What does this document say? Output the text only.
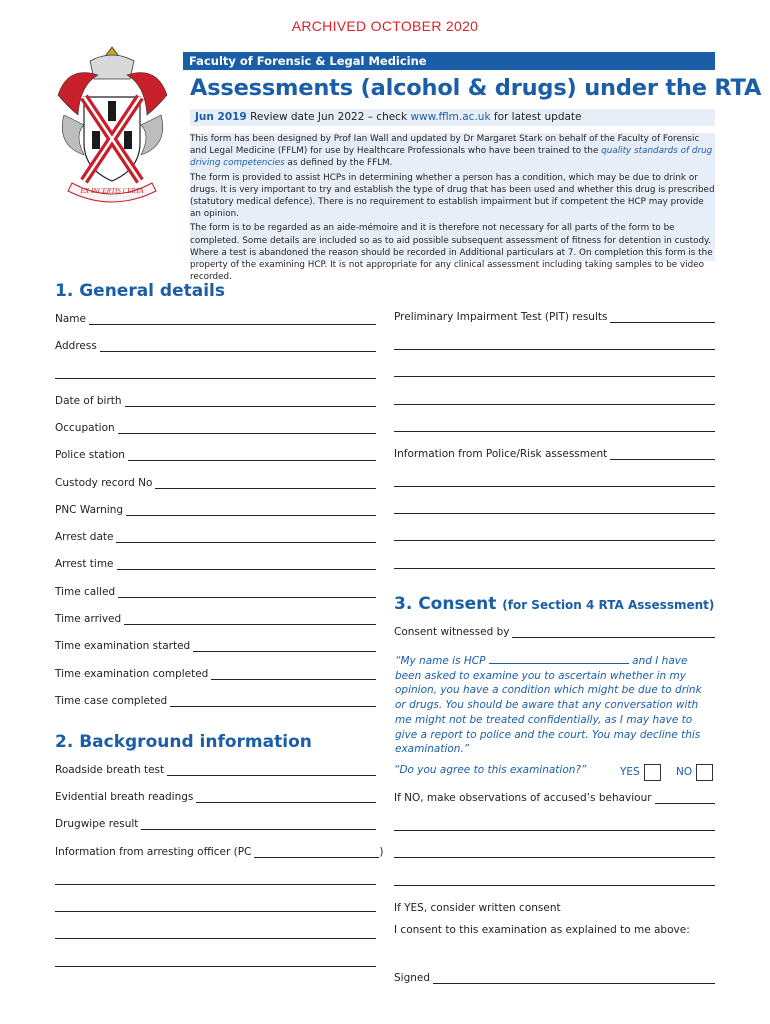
ARCHIVED OCTOBER 2020
EX INCERTIS CERTA
Faculty of Forensic & Legal Medicine
Assessments (alcohol & drugs) under the RTA
Jun 2019 Review date Jun 2022 – check www.fflm.ac.uk for latest update

This form has been designed by Prof Ian Wall and updated by Dr Margaret Stark on behalf of the Faculty of Forensic and Legal Medicine (FFLM) for use by Healthcare Professionals who have been trained to the quality standards of drug driving competencies as defined by the FFLM.

The form is provided to assist HCPs in determining whether a person has a condition, which may be due to drink or drugs. It is very important to try and establish the type of drug that has been used and whether this drug is prescribed (statutory medical defence). There is no requirement to establish impairment but if competent the HCP may provide an opinion.

The form is to be regarded as an aide-mémoire and it is therefore not necessary for all parts of the form to be completed. Some details are included so as to aid possible subsequent assessment of fitness for detention in custody. Where a test is abandoned the reason should be recorded in Additional particulars at 7. On completion this form is the property of the examining HCP. It is not appropriate for any clinical assessment including taking samples to be video recorded.

1. General details
Name
Address
Date of birth
Occupation
Police station
Custody record No
PNC Warning
Arrest date
Arrest time
Time called
Time arrived
Time examination started
Time examination completed
Time case completed
2. Background information
Roadside breath test
Evidential breath readings
Drugwipe result
Information from arresting officer (PC	)
Preliminary Impairment Test (PIT) results
Information from Police/Risk assessment
3. Consent (for Section 4 RTA Assessment)
Consent witnessed by
“My name is HCP	and I have been asked to examine you to ascertain whether in my opinion, you have a condition which might be due to drink or drugs. You should be aware that any conversation with me might not be treated confidentially, as I may have to give a report to police and the court. You may decline this examination.”
“Do you agree to this examination?”	YES	NO
If NO, make observations of accused’s behaviour
If YES, consider written consent
I consent to this examination as explained to me above:
Signed
